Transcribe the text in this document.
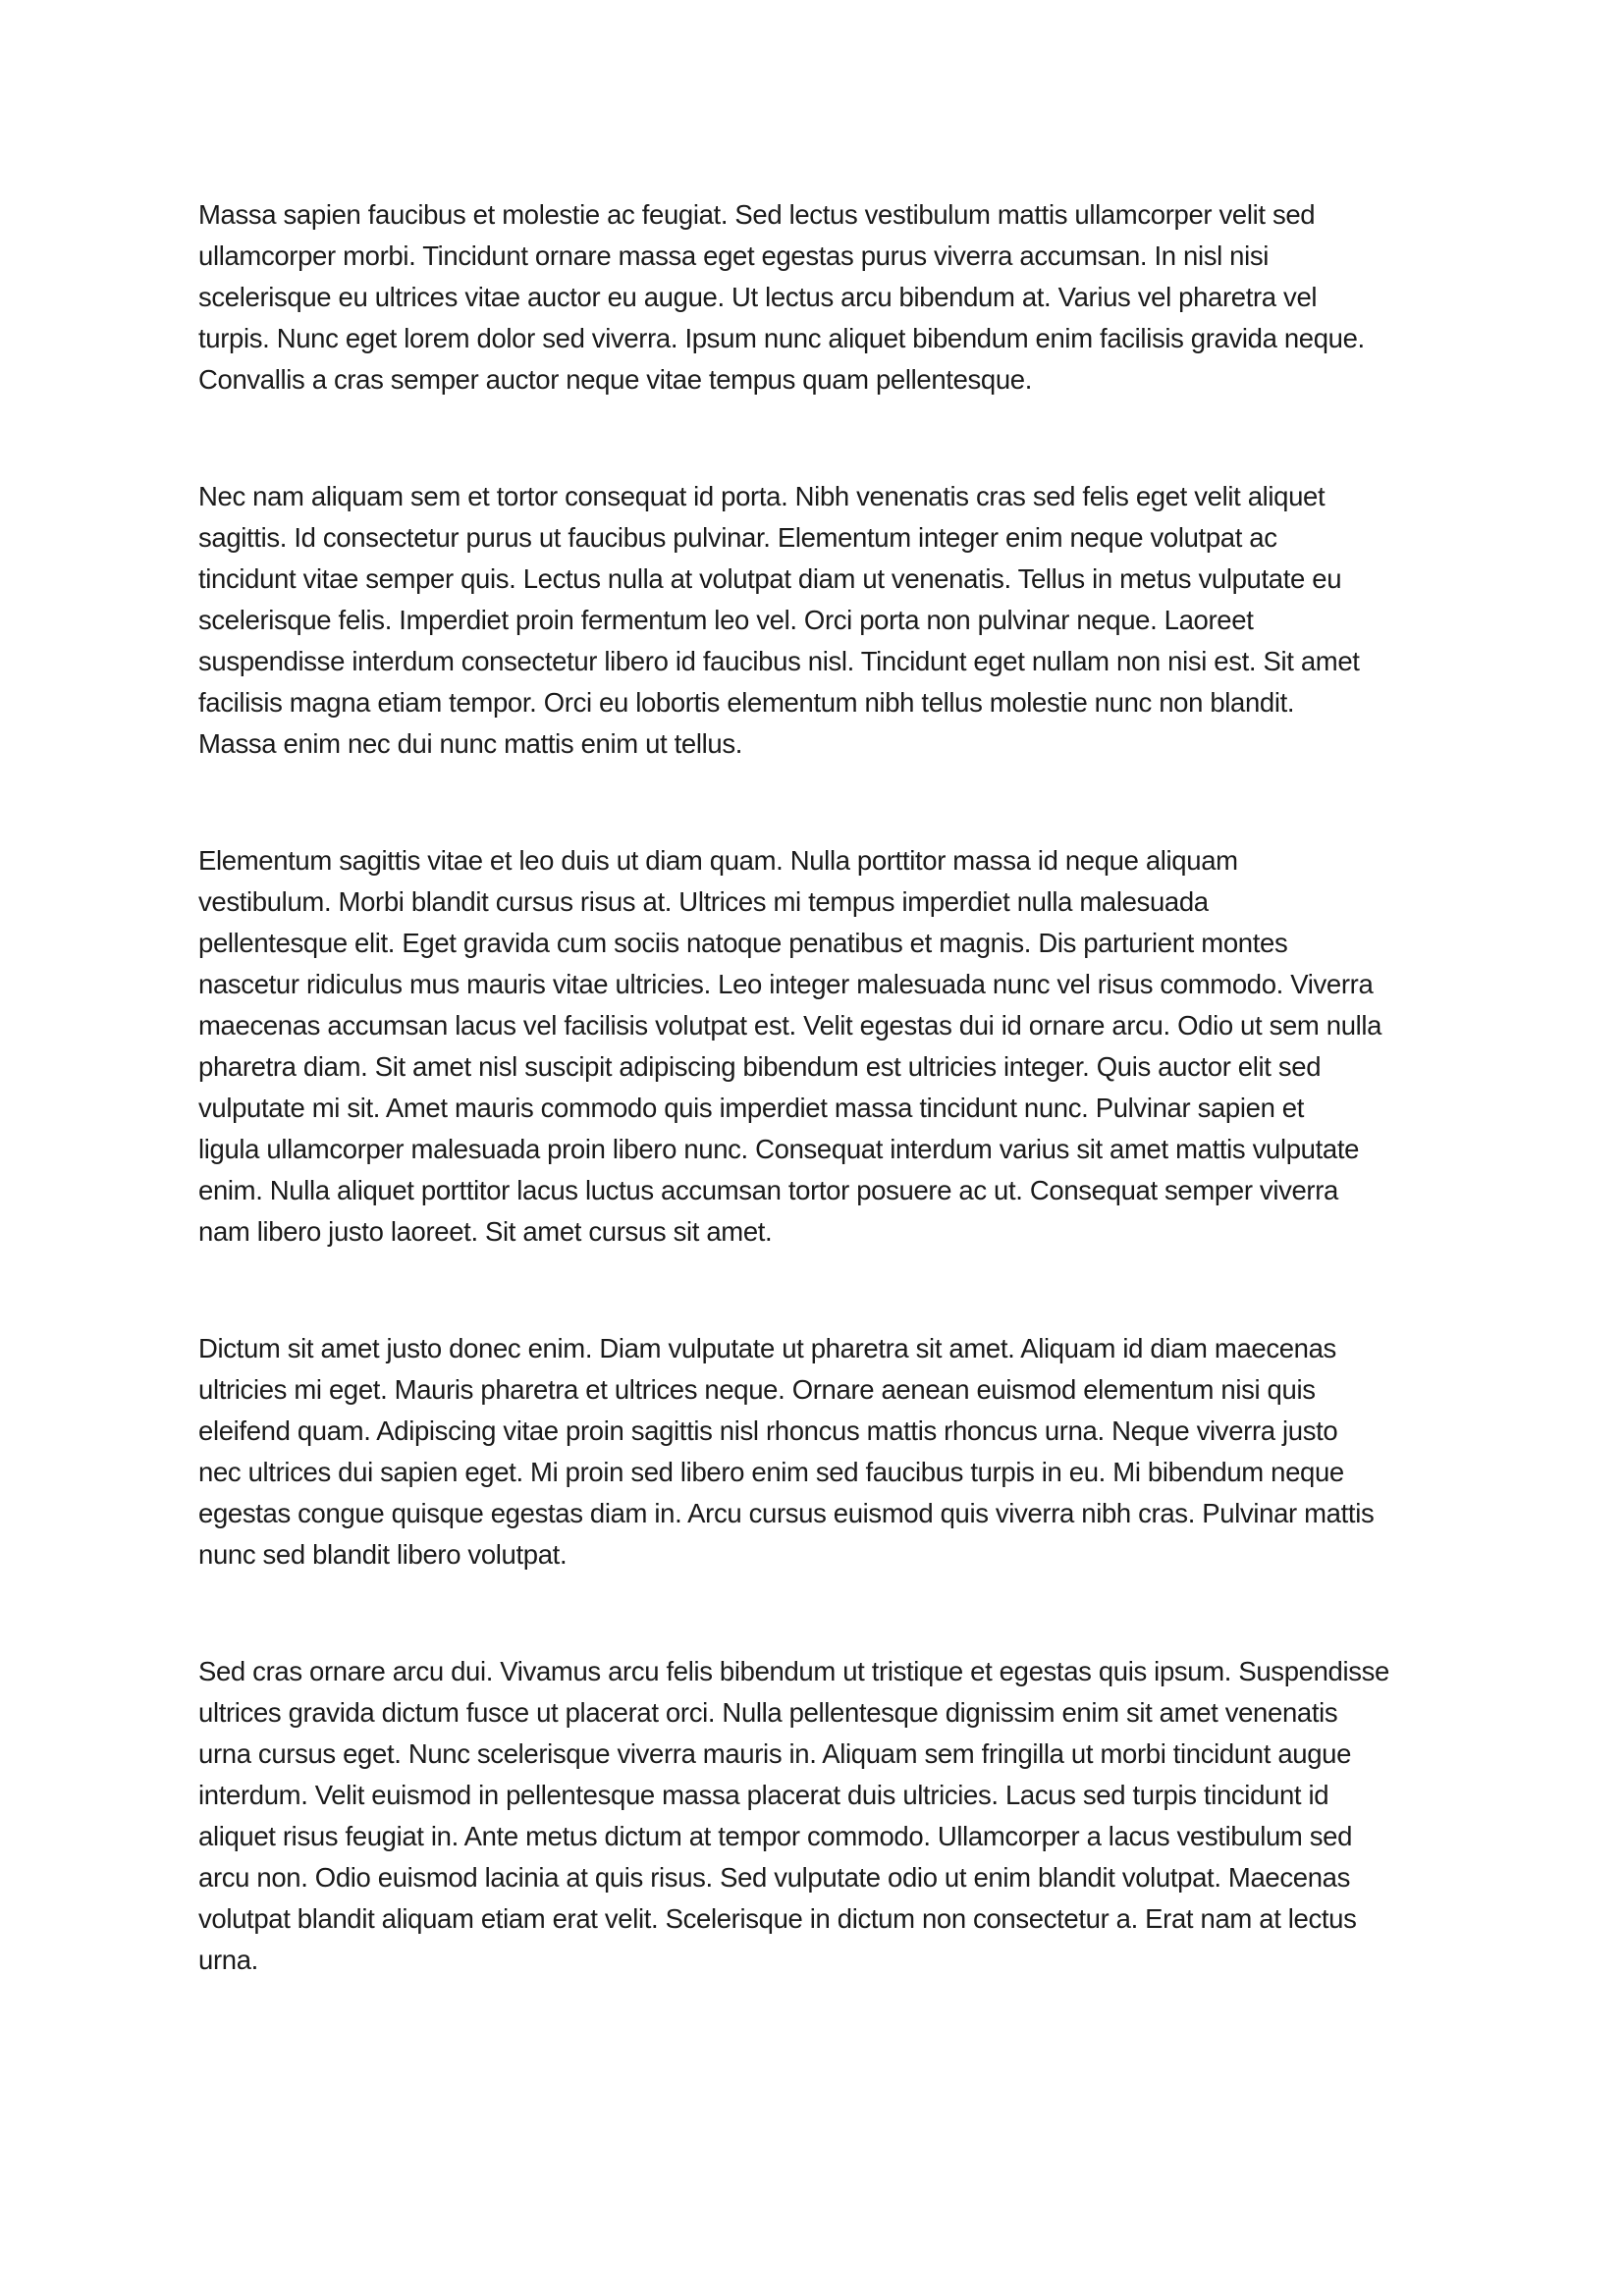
Massa sapien faucibus et molestie ac feugiat. Sed lectus vestibulum mattis ullamcorper velit sed
ullamcorper morbi. Tincidunt ornare massa eget egestas purus viverra accumsan. In nisl nisi
scelerisque eu ultrices vitae auctor eu augue. Ut lectus arcu bibendum at. Varius vel pharetra vel
turpis. Nunc eget lorem dolor sed viverra. Ipsum nunc aliquet bibendum enim facilisis gravida neque.
Convallis a cras semper auctor neque vitae tempus quam pellentesque.
Nec nam aliquam sem et tortor consequat id porta. Nibh venenatis cras sed felis eget velit aliquet
sagittis. Id consectetur purus ut faucibus pulvinar. Elementum integer enim neque volutpat ac
tincidunt vitae semper quis. Lectus nulla at volutpat diam ut venenatis. Tellus in metus vulputate eu
scelerisque felis. Imperdiet proin fermentum leo vel. Orci porta non pulvinar neque. Laoreet
suspendisse interdum consectetur libero id faucibus nisl. Tincidunt eget nullam non nisi est. Sit amet
facilisis magna etiam tempor. Orci eu lobortis elementum nibh tellus molestie nunc non blandit.
Massa enim nec dui nunc mattis enim ut tellus.
Elementum sagittis vitae et leo duis ut diam quam. Nulla porttitor massa id neque aliquam
vestibulum. Morbi blandit cursus risus at. Ultrices mi tempus imperdiet nulla malesuada
pellentesque elit. Eget gravida cum sociis natoque penatibus et magnis. Dis parturient montes
nascetur ridiculus mus mauris vitae ultricies. Leo integer malesuada nunc vel risus commodo. Viverra
maecenas accumsan lacus vel facilisis volutpat est. Velit egestas dui id ornare arcu. Odio ut sem nulla
pharetra diam. Sit amet nisl suscipit adipiscing bibendum est ultricies integer. Quis auctor elit sed
vulputate mi sit. Amet mauris commodo quis imperdiet massa tincidunt nunc. Pulvinar sapien et
ligula ullamcorper malesuada proin libero nunc. Consequat interdum varius sit amet mattis vulputate
enim. Nulla aliquet porttitor lacus luctus accumsan tortor posuere ac ut. Consequat semper viverra
nam libero justo laoreet. Sit amet cursus sit amet.
Dictum sit amet justo donec enim. Diam vulputate ut pharetra sit amet. Aliquam id diam maecenas
ultricies mi eget. Mauris pharetra et ultrices neque. Ornare aenean euismod elementum nisi quis
eleifend quam. Adipiscing vitae proin sagittis nisl rhoncus mattis rhoncus urna. Neque viverra justo
nec ultrices dui sapien eget. Mi proin sed libero enim sed faucibus turpis in eu. Mi bibendum neque
egestas congue quisque egestas diam in. Arcu cursus euismod quis viverra nibh cras. Pulvinar mattis
nunc sed blandit libero volutpat.
Sed cras ornare arcu dui. Vivamus arcu felis bibendum ut tristique et egestas quis ipsum. Suspendisse
ultrices gravida dictum fusce ut placerat orci. Nulla pellentesque dignissim enim sit amet venenatis
urna cursus eget. Nunc scelerisque viverra mauris in. Aliquam sem fringilla ut morbi tincidunt augue
interdum. Velit euismod in pellentesque massa placerat duis ultricies. Lacus sed turpis tincidunt id
aliquet risus feugiat in. Ante metus dictum at tempor commodo. Ullamcorper a lacus vestibulum sed
arcu non. Odio euismod lacinia at quis risus. Sed vulputate odio ut enim blandit volutpat. Maecenas
volutpat blandit aliquam etiam erat velit. Scelerisque in dictum non consectetur a. Erat nam at lectus
urna.
